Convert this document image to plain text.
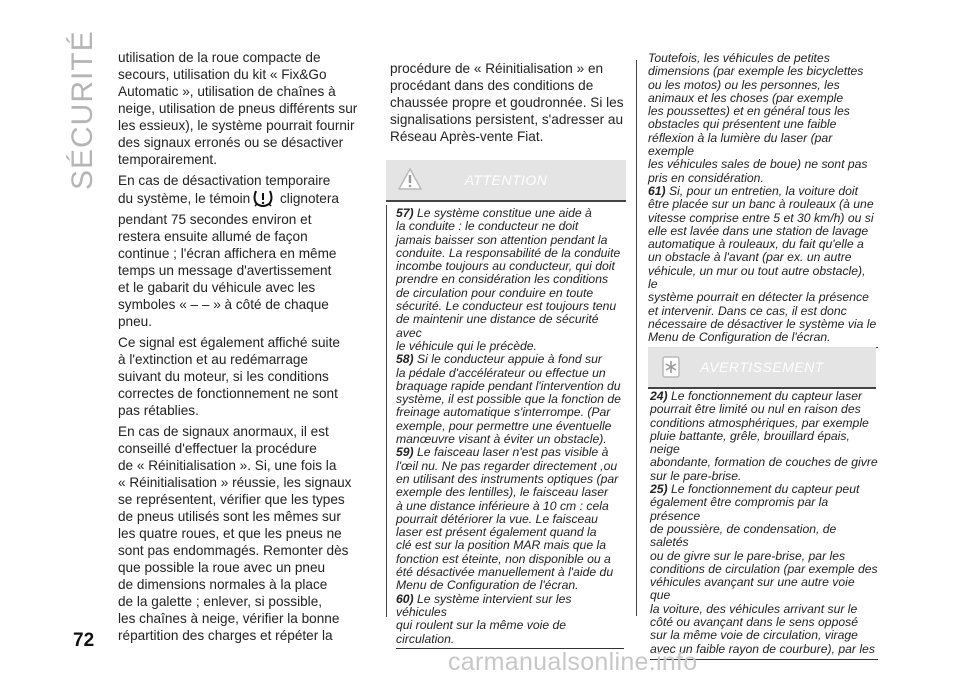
SÉCURITÉ
72

utilisation de la roue compacte de
secours, utilisation du kit « Fix&Go
Automatic », utilisation de chaînes à
neige, utilisation de pneus différents sur
les essieux), le système pourrait fournir
des signaux erronés ou se désactiver
temporairement.

En cas de désactivation temporaire
du système, le témoin clignotera
pendant 75 secondes environ et
restera ensuite allumé de façon
continue ; l'écran affichera en même
temps un message d'avertissement
et le gabarit du véhicule avec les
symboles « – – » à côté de chaque
pneu.

Ce signal est également affiché suite
à l'extinction et au redémarrage
suivant du moteur, si les conditions
correctes de fonctionnement ne sont
pas rétablies.

En cas de signaux anormaux, il est
conseillé d'effectuer la procédure
de « Réinitialisation ». Si, une fois la
« Réinitialisation » réussie, les signaux
se représentent, vérifier que les types
de pneus utilisés sont les mêmes sur
les quatre roues, et que les pneus ne
sont pas endommagés. Remonter dès
que possible la roue avec un pneu
de dimensions normales à la place
de la galette ; enlever, si possible,
les chaînes à neige, vérifier la bonne
répartition des charges et répéter la

procédure de « Réinitialisation » en
procédant dans des conditions de
chaussée propre et goudronnée. Si les
signalisations persistent, s'adresser au
Réseau Après-vente Fiat.

ATTENTION

57) Le système constitue une aide à
la conduite : le conducteur ne doit
jamais baisser son attention pendant la
conduite. La responsabilité de la conduite
incombe toujours au conducteur, qui doit
prendre en considération les conditions
de circulation pour conduire en toute
sécurité. Le conducteur est toujours tenu
de maintenir une distance de sécurité avec
le véhicule qui le précède.

58) Si le conducteur appuie à fond sur
la pédale d'accélérateur ou effectue un
braquage rapide pendant l'intervention du
système, il est possible que la fonction de
freinage automatique s'interrompe. (Par
exemple, pour permettre une éventuelle
manœuvre visant à éviter un obstacle).

59) Le faisceau laser n'est pas visible à
l'œil nu. Ne pas regarder directement ,ou
en utilisant des instruments optiques (par
exemple des lentilles), le faisceau laser
à une distance inférieure à 10 cm : cela
pourrait détériorer la vue. Le faisceau
laser est présent également quand la
clé est sur la position MAR mais que la
fonction est éteinte, non disponible ou a
été désactivée manuellement à l'aide du
Menu de Configuration de l'écran.

60) Le système intervient sur les véhicules
qui roulent sur la même voie de circulation.

Toutefois, les véhicules de petites
dimensions (par exemple les bicyclettes
ou les motos) ou les personnes, les
animaux et les choses (par exemple
les poussettes) et en général tous les
obstacles qui présentent une faible
réflexion à la lumière du laser (par exemple
les véhicules sales de boue) ne sont pas
pris en considération.

61) Si, pour un entretien, la voiture doit
être placée sur un banc à rouleaux (à une
vitesse comprise entre 5 et 30 km/h) ou si
elle est lavée dans une station de lavage
automatique à rouleaux, du fait qu'elle a
un obstacle à l'avant (par ex. un autre
véhicule, un mur ou tout autre obstacle), le
système pourrait en détecter la présence
et intervenir. Dans ce cas, il est donc
nécessaire de désactiver le système via le
Menu de Configuration de l'écran.

AVERTISSEMENT

24) Le fonctionnement du capteur laser
pourrait être limité ou nul en raison des
conditions atmosphériques, par exemple
pluie battante, grêle, brouillard épais, neige
abondante, formation de couches de givre
sur le pare-brise.

25) Le fonctionnement du capteur peut
également être compromis par la présence
de poussière, de condensation, de saletés
ou de givre sur le pare-brise, par les
conditions de circulation (par exemple des
véhicules avançant sur une autre voie que
la voiture, des véhicules arrivant sur le
côté ou avançant dans le sens opposé
sur la même voie de circulation, virage
avec un faible rayon de courbure), par les

carmanualsonline.info
